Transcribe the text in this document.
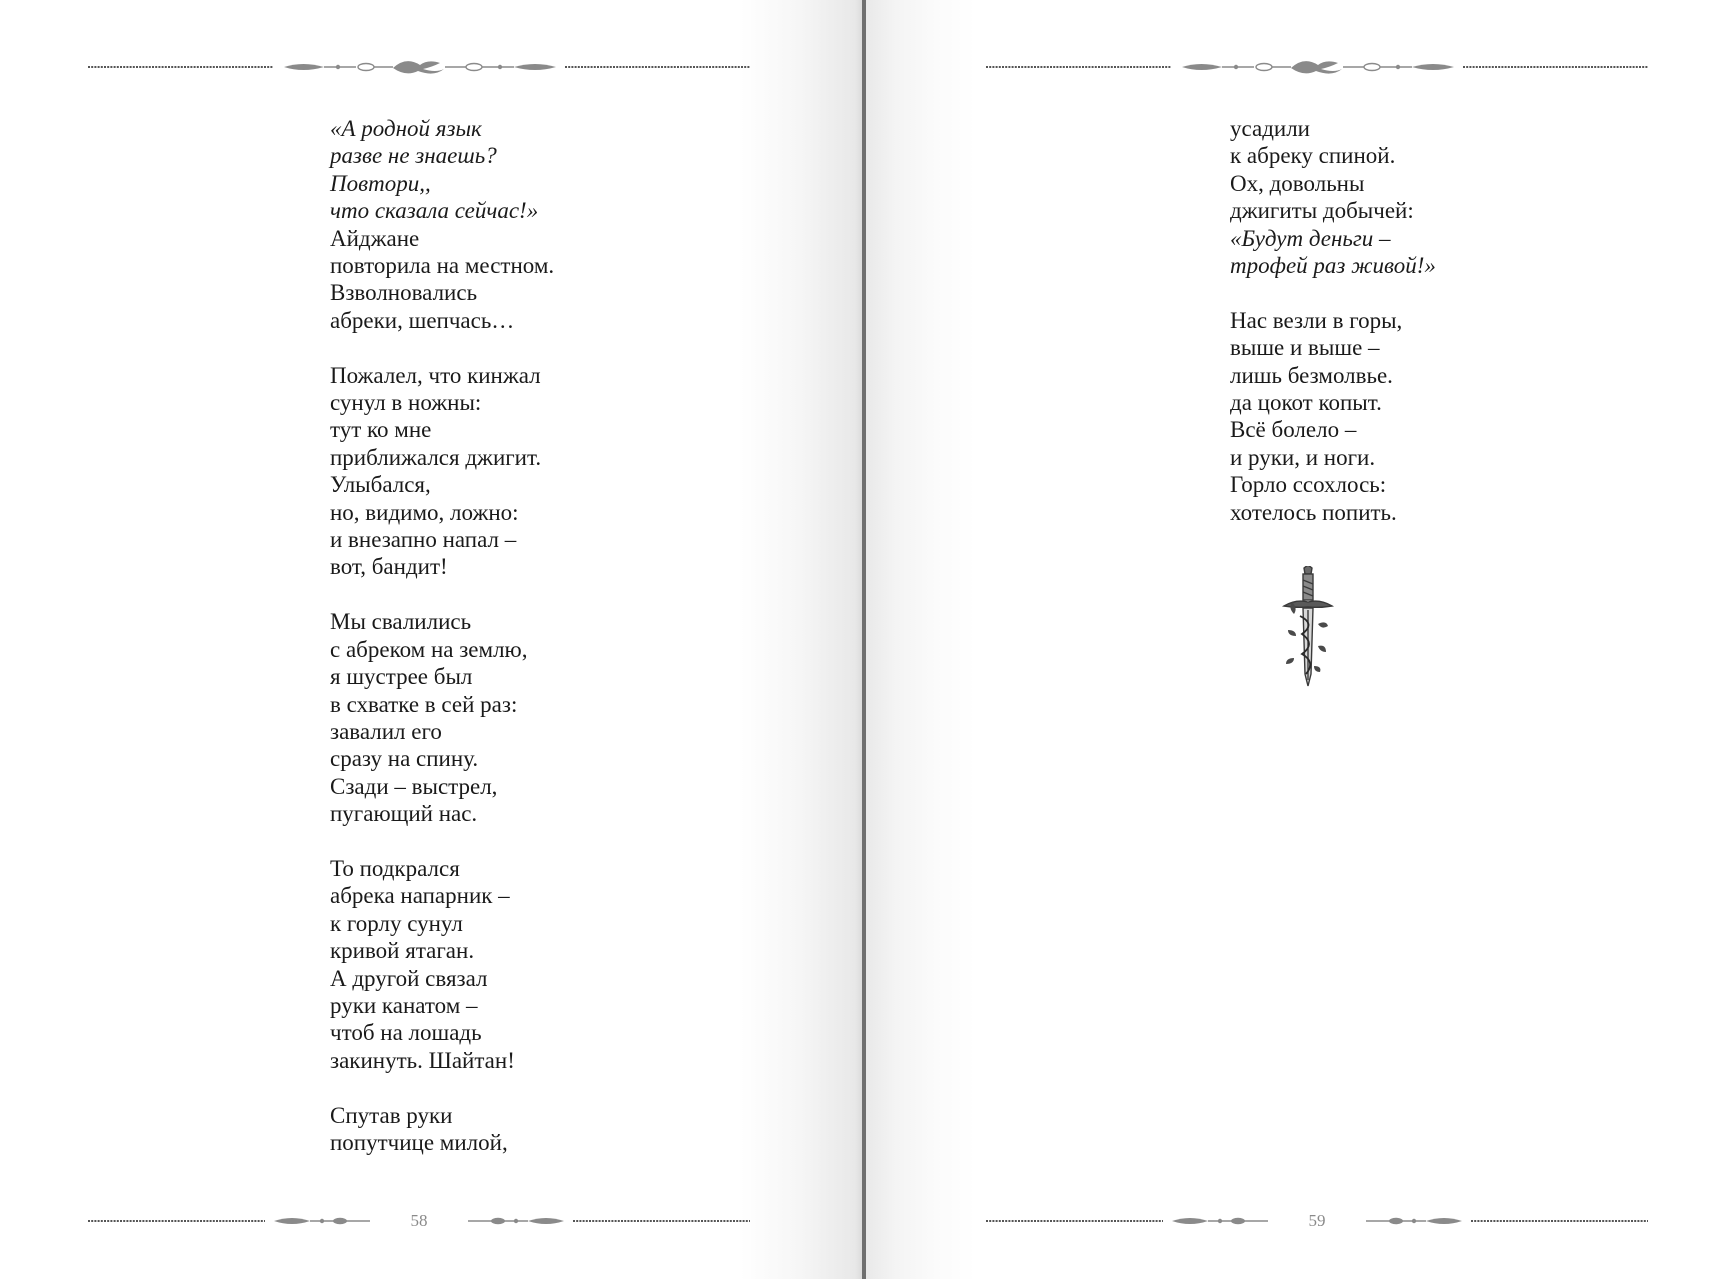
58	59
«А родной язык
разве не знаешь?
Повтори,,
что сказала сейчас!»
Айджане
повторила на местном.
Взволновались
абреки, шепчась…
Пожалел, что кинжал
сунул в ножны:
тут ко мне
приближался джигит.
Улыбался,
но, видимо, ложно:
и внезапно напал –
вот, бандит!
Мы свалились
с абреком на землю,
я шустрее был
в схватке в сей раз:
завалил его
сразу на спину.
Сзади – выстрел,
пугающий нас.
То подкрался
абрека напарник –
к горлу сунул
кривой ятаган.
А другой связал
руки канатом –
чтоб на лошадь
закинуть. Шайтан!
Спутав руки
попутчице милой,
усадили
к абреку спиной.
Ох, довольны
джигиты добычей:
«Будут деньги –
трофей раз живой!»
Нас везли в горы,
выше и выше –
лишь безмолвье.
да цокот копыт.
Всё болело –
и руки, и ноги.
Горло ссохлось:
хотелось попить.
